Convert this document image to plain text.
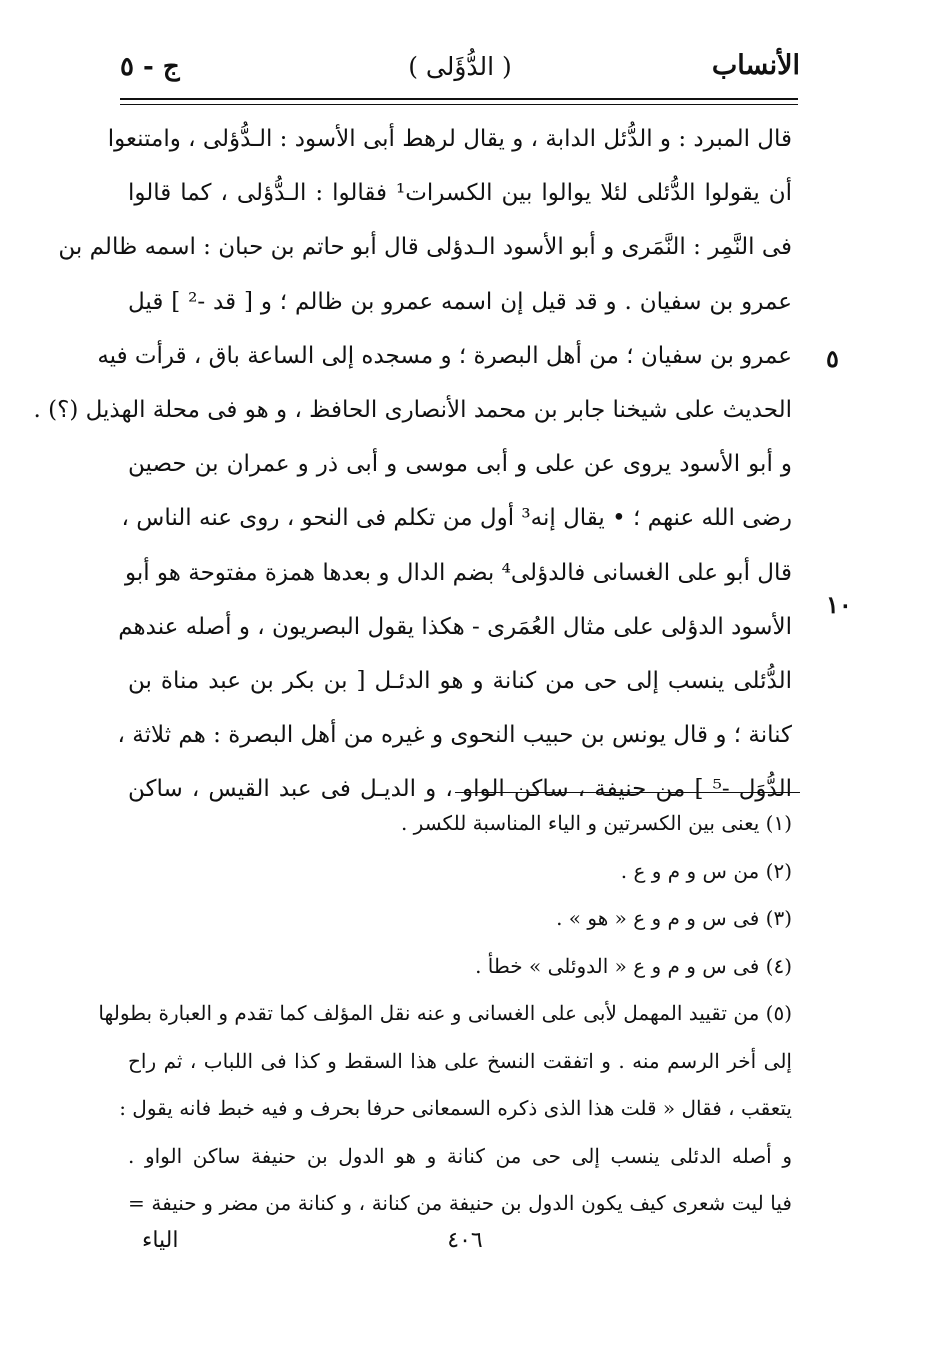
الأنساب
( الدُّؤَلى )
ج - ٥
قال المبرد : و الدُّئل الدابة ، و يقال لرهط أبى الأسود : الـدُّؤلى ، وامتنعوا
أن يقولوا الدُّئلى لئلا يوالوا بين الكسرات¹ فقالوا : الـدُّؤلى ، كما قالوا
فى النَّمِر : النَّمَرى و أبو الأسود الـدؤلى قال أبو حاتم بن حبان : اسمه ظالم بن
عمرو بن سفيان . و قد قيل إن اسمه عمرو بن ظالم ؛ و [ قد -² ] قيل
عمرو بن سفيان ؛ من أهل البصرة ؛ و مسجده إلى الساعة باق ، قرأت فيه
الحديث على شيخنا جابر بن محمد الأنصارى الحافظ ، و هو فى محلة الهذيل (؟) .
و أبو الأسود يروى عن على و أبى موسى و أبى ذر و عمران بن حصين
رضى الله عنهم ؛ • يقال إنه³ أول من تكلم فى النحو ، روى عنه الناس ،
قال أبو على الغسانى فالدؤلى⁴ بضم الدال و بعدها همزة مفتوحة هو أبو
الأسود الدؤلى على مثال العُمَرى - هكذا يقول البصريون ، و أصله عندهم
الدُّئلى ينسب إلى حى من كنانة و هو الدئـل [ بن بكر بن عبد مناة بن
كنانة ؛ و قال يونس بن حبيب النحوى و غيره من أهل البصرة : هم ثلاثة ،
الدُّوَل -⁵ ] من حنيفة ، ساكن الواو ، و الديـل فى عبد القيس ، ساكن
٥
١٠
(١) يعنى بين الكسرتين و الياء المناسبة للكسر .
(٢) من س و م و ع .
(٣) فى س و م و ع « هو » .
(٤) فى س و م و ع « الدوئلى » خطأ .
(٥) من تقييد المهمل لأبى على الغسانى و عنه نقل المؤلف كما تقدم و العبارة بطولها
إلى أخر الرسم منه . و اتفقت النسخ على هذا السقط و كذا فى اللباب ، ثم راح
يتعقب ، فقال « قلت هذا الذى ذكره السمعانى حرفا بحرف و فيه خبط فانه يقول :
و أصله الدئلى ينسب إلى حى من كنانة و هو الدول بن حنيفة ساكن الواو .
فيا ليت شعرى كيف يكون الدول بن حنيفة من كنانة ، و كنانة من مضر و حنيفة =
٤٠٦
الياء
